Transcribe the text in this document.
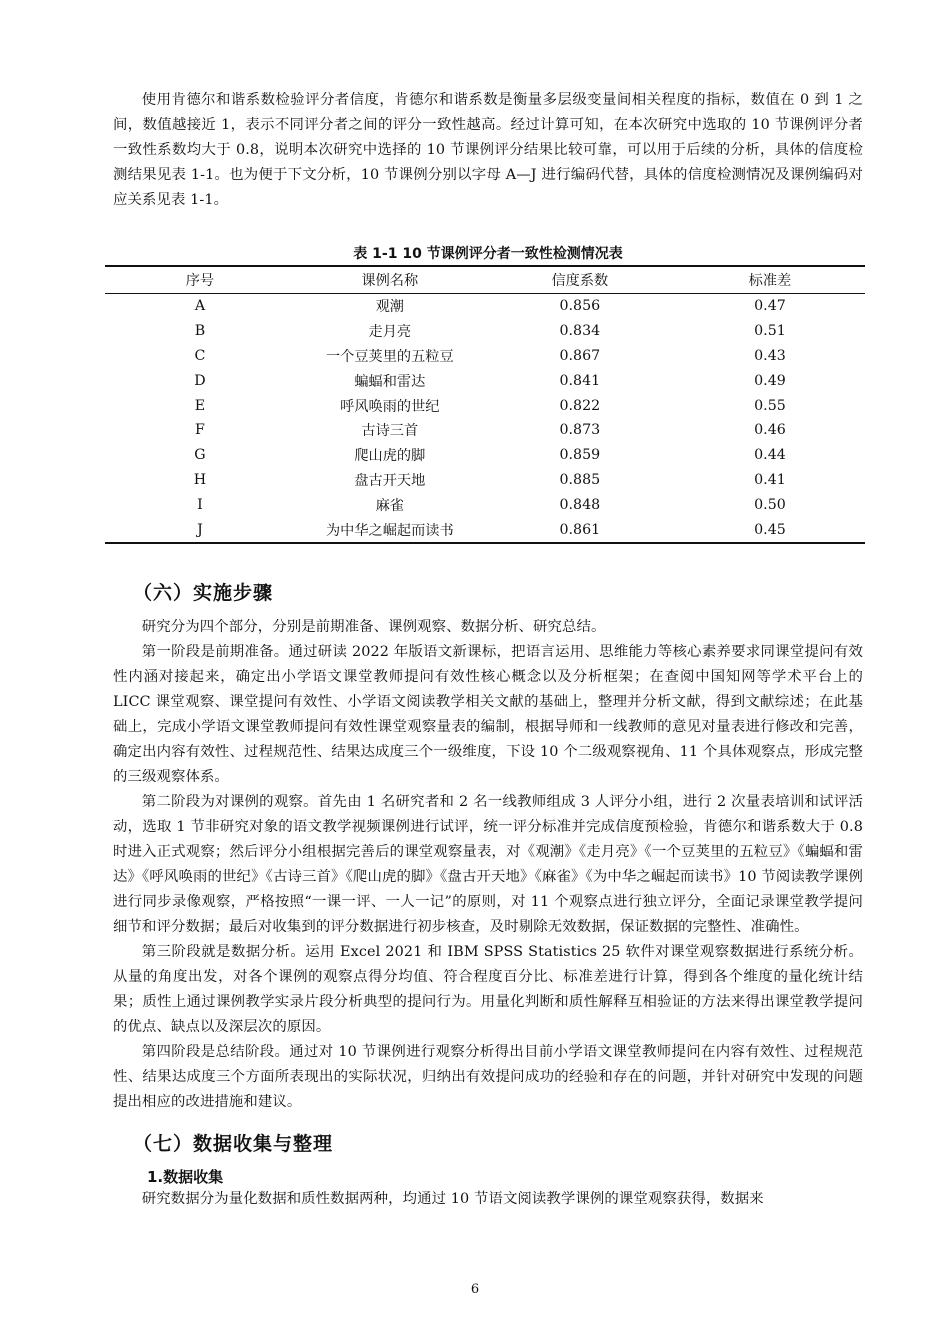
使用肯德尔和谐系数检验评分者信度，肯德尔和谐系数是衡量多层级变量间相关程度的指标，数值在 0 到 1 之间，数值越接近 1，表示不同评分者之间的评分一致性越高。经过计算可知，在本次研究中选取的 10 节课例评分者一致性系数均大于 0.8，说明本次研究中选择的 10 节课例评分结果比较可靠，可以用于后续的分析，具体的信度检测结果见表 1-1。也为便于下文分析，10 节课例分别以字母 A—J 进行编码代替，具体的信度检测情况及课例编码对应关系见表 1-1。

表 1-1 10 节课例评分者一致性检测情况表
序号	课例名称	信度系数	标准差
A	观潮	0.856	0.47
B	走月亮	0.834	0.51
C	一个豆荚里的五粒豆	0.867	0.43
D	蝙蝠和雷达	0.841	0.49
E	呼风唤雨的世纪	0.822	0.55
F	古诗三首	0.873	0.46
G	爬山虎的脚	0.859	0.44
H	盘古开天地	0.885	0.41
I	麻雀	0.848	0.50
J	为中华之崛起而读书	0.861	0.45
（六）实施步骤

研究分为四个部分，分别是前期准备、课例观察、数据分析、研究总结。

第一阶段是前期准备。通过研读 2022 年版语文新课标，把语言运用、思维能力等核心素养要求同课堂提问有效性内涵对接起来，确定出小学语文课堂教师提问有效性核心概念以及分析框架；在查阅中国知网等学术平台上的 LICC 课堂观察、课堂提问有效性、小学语文阅读教学相关文献的基础上，整理并分析文献，得到文献综述；在此基础上，完成小学语文课堂教师提问有效性课堂观察量表的编制，根据导师和一线教师的意见对量表进行修改和完善，确定出内容有效性、过程规范性、结果达成度三个一级维度，下设 10 个二级观察视角、11 个具体观察点，形成完整的三级观察体系。

第二阶段为对课例的观察。首先由 1 名研究者和 2 名一线教师组成 3 人评分小组，进行 2 次量表培训和试评活动，选取 1 节非研究对象的语文教学视频课例进行试评，统一评分标准并完成信度预检验，肯德尔和谐系数大于 0.8 时进入正式观察；然后评分小组根据完善后的课堂观察量表，对《观潮》《走月亮》《一个豆荚里的五粒豆》《蝙蝠和雷达》《呼风唤雨的世纪》《古诗三首》《爬山虎的脚》《盘古开天地》《麻雀》《为中华之崛起而读书》10 节阅读教学课例进行同步录像观察，严格按照“一课一评、一人一记”的原则，对 11 个观察点进行独立评分，全面记录课堂教学提问细节和评分数据；最后对收集到的评分数据进行初步核查，及时剔除无效数据，保证数据的完整性、准确性。

第三阶段就是数据分析。运用 Excel 2021 和 IBM SPSS Statistics 25 软件对课堂观察数据进行系统分析。从量的角度出发，对各个课例的观察点得分均值、符合程度百分比、标准差进行计算，得到各个维度的量化统计结果；质性上通过课例教学实录片段分析典型的提问行为。用量化判断和质性解释互相验证的方法来得出课堂教学提问的优点、缺点以及深层次的原因。

第四阶段是总结阶段。通过对 10 节课例进行观察分析得出目前小学语文课堂教师提问在内容有效性、过程规范性、结果达成度三个方面所表现出的实际状况，归纳出有效提问成功的经验和存在的问题，并针对研究中发现的问题提出相应的改进措施和建议。

（七）数据收集与整理
1.数据收集

研究数据分为量化数据和质性数据两种，均通过 10 节语文阅读教学课例的课堂观察获得，数据来

6
